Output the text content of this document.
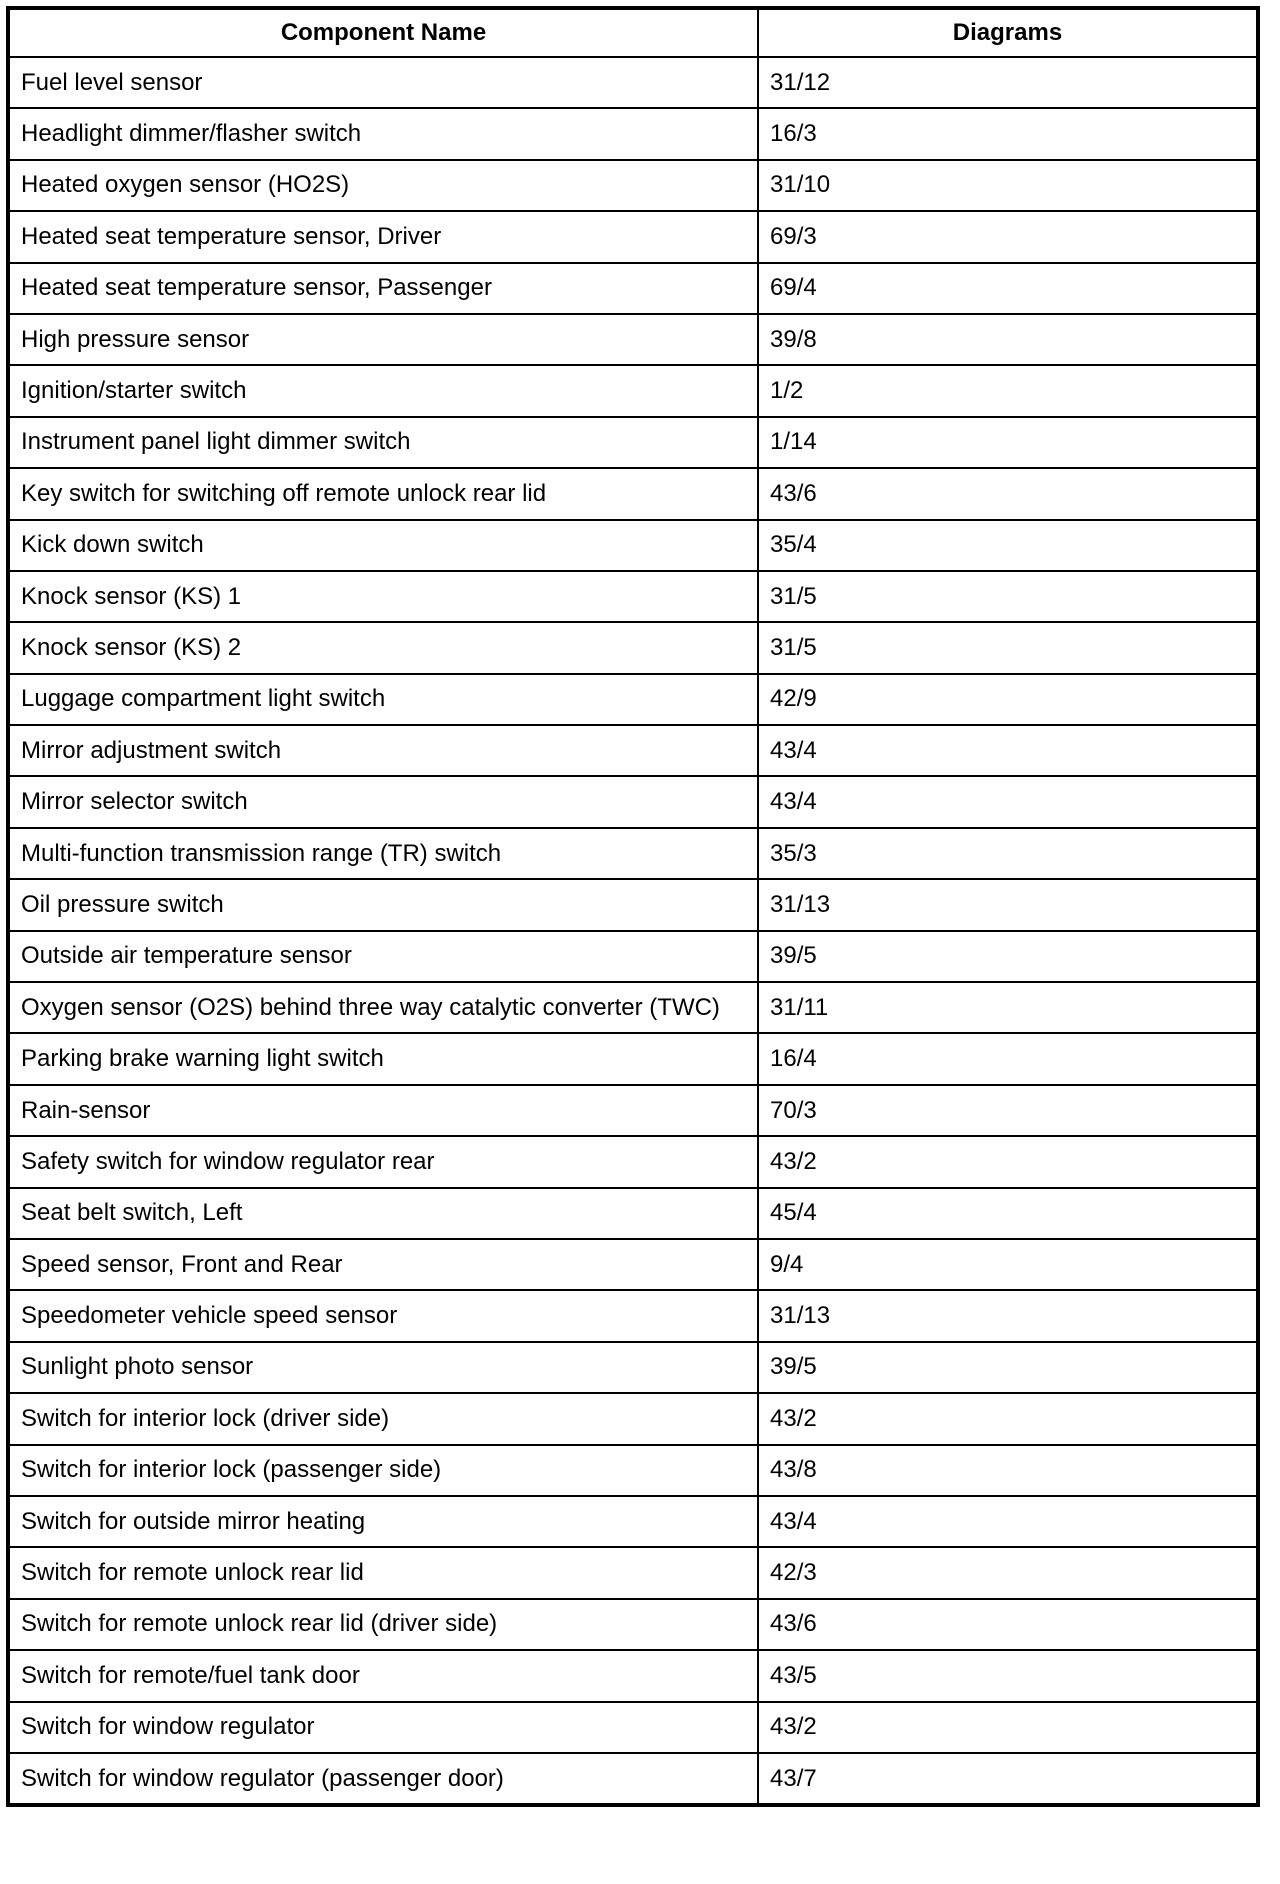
Component Name	Diagrams
Fuel level sensor	31/12
Headlight dimmer/flasher switch	16/3
Heated oxygen sensor (HO2S)	31/10
Heated seat temperature sensor, Driver	69/3
Heated seat temperature sensor, Passenger	69/4
High pressure sensor	39/8
Ignition/starter switch	1/2
Instrument panel light dimmer switch	1/14
Key switch for switching off remote unlock rear lid	43/6
Kick down switch	35/4
Knock sensor (KS) 1	31/5
Knock sensor (KS) 2	31/5
Luggage compartment light switch	42/9
Mirror adjustment switch	43/4
Mirror selector switch	43/4
Multi-function transmission range (TR) switch	35/3
Oil pressure switch	31/13
Outside air temperature sensor	39/5
Oxygen sensor (O2S) behind three way catalytic converter (TWC)	31/11
Parking brake warning light switch	16/4
Rain-sensor	70/3
Safety switch for window regulator rear	43/2
Seat belt switch, Left	45/4
Speed sensor, Front and Rear	9/4
Speedometer vehicle speed sensor	31/13
Sunlight photo sensor	39/5
Switch for interior lock (driver side)	43/2
Switch for interior lock (passenger side)	43/8
Switch for outside mirror heating	43/4
Switch for remote unlock rear lid	42/3
Switch for remote unlock rear lid (driver side)	43/6
Switch for remote/fuel tank door	43/5
Switch for window regulator	43/2
Switch for window regulator (passenger door)	43/7
